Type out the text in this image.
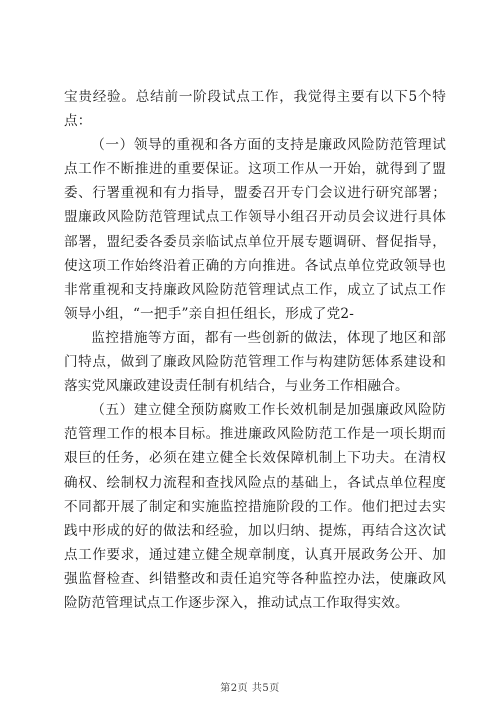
宝贵经验。总结前一阶段试点工作，我觉得主要有以下5个特点：

（一）领导的重视和各方面的支持是廉政风险防范管理试点工作不断推进的重要保证。这项工作从一开始，就得到了盟委、行署重视和有力指导，盟委召开专门会议进行研究部署；盟廉政风险防范管理试点工作领导小组召开动员会议进行具体部署，盟纪委各委员亲临试点单位开展专题调研、督促指导，使这项工作始终沿着正确的方向推进。各试点单位党政领导也非常重视和支持廉政风险防范管理试点工作，成立了试点工作领导小组，“一把手”亲自担任组长，形成了党2-

监控措施等方面，都有一些创新的做法，体现了地区和部门特点，做到了廉政风险防范管理工作与构建防惩体系建设和落实党风廉政建设责任制有机结合，与业务工作相融合。

（五）建立健全预防腐败工作长效机制是加强廉政风险防范管理工作的根本目标。推进廉政风险防范工作是一项长期而艰巨的任务，必须在建立健全长效保障机制上下功夫。在清权确权、绘制权力流程和查找风险点的基础上，各试点单位程度不同都开展了制定和实施监控措施阶段的工作。他们把过去实践中形成的好的做法和经验，加以归纳、提炼，再结合这次试点工作要求，通过建立健全规章制度，认真开展政务公开、加强监督检查、纠错整改和责任追究等各种监控办法，使廉政风险防范管理试点工作逐步深入，推动试点工作取得实效。

第2页 共5页
